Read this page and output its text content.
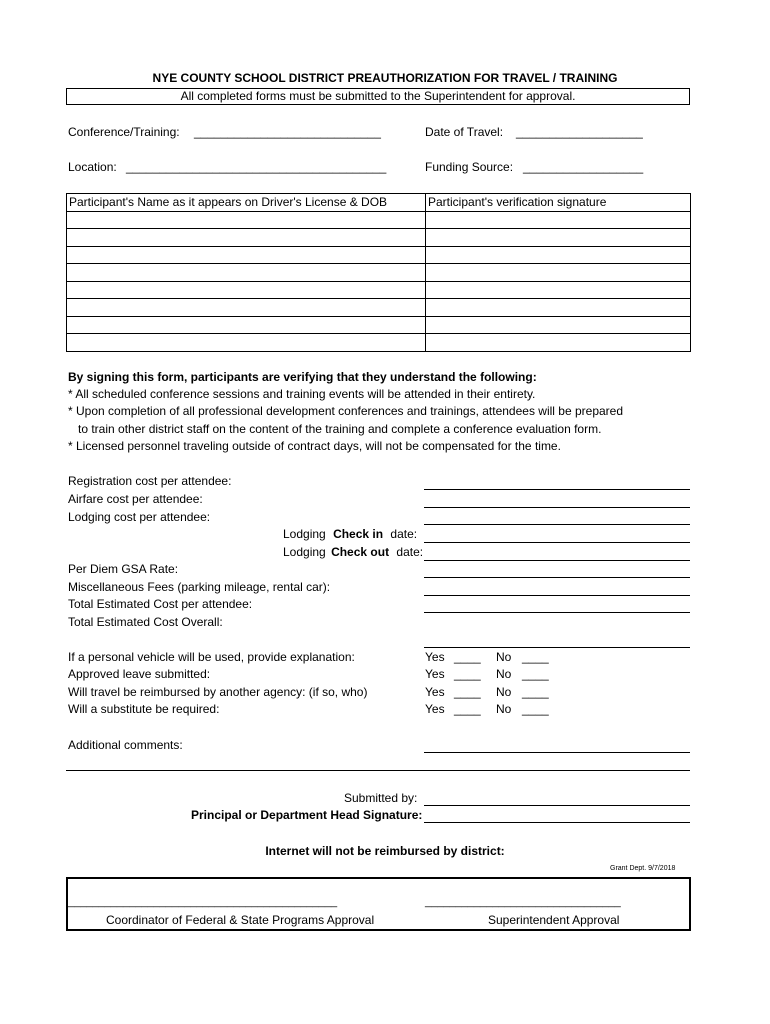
NYE COUNTY SCHOOL DISTRICT PREAUTHORIZATION FOR TRAVEL / TRAINING
All completed forms must be submitted to the Superintendent for approval.
Conference/Training: ____________________________	Date of Travel: ___________________
Location: _______________________________________	Funding Source: __________________
Participant's Name as it appears on Driver's License & DOB	Participant's verification signature

By signing this form, participants are verifying that they understand the following:
* All scheduled conference sessions and training events will be attended in their entirety.
* Upon completion of all professional development conferences and trainings, attendees will be prepared
to train other district staff on the content of the training and complete a conference evaluation form.
* Licensed personnel traveling outside of contract days, will not be compensated for the time.
Registration cost per attendee:
Airfare cost per attendee:
Lodging cost per attendee:
Lodging Check in date:
Lodging Check out date:
Per Diem GSA Rate:
Miscellaneous Fees (parking mileage, rental car):
Total Estimated Cost per attendee:
Total Estimated Cost Overall:
If a personal vehicle will be used, provide explanation:	Yes ____ No ____
Approved leave submitted:	Yes ____ No ____
Will travel be reimbursed by another agency: (if so, who)	Yes ____ No ____
Will a substitute be required:	Yes ____ No ____
Additional comments:
Submitted by:
Principal or Department Head Signature:
Internet will not be reimbursed by district:
Grant Dept. 9/7/2018
____________________________________________
Coordinator of Federal & State Programs Approval
________________________________
Superintendent Approval
